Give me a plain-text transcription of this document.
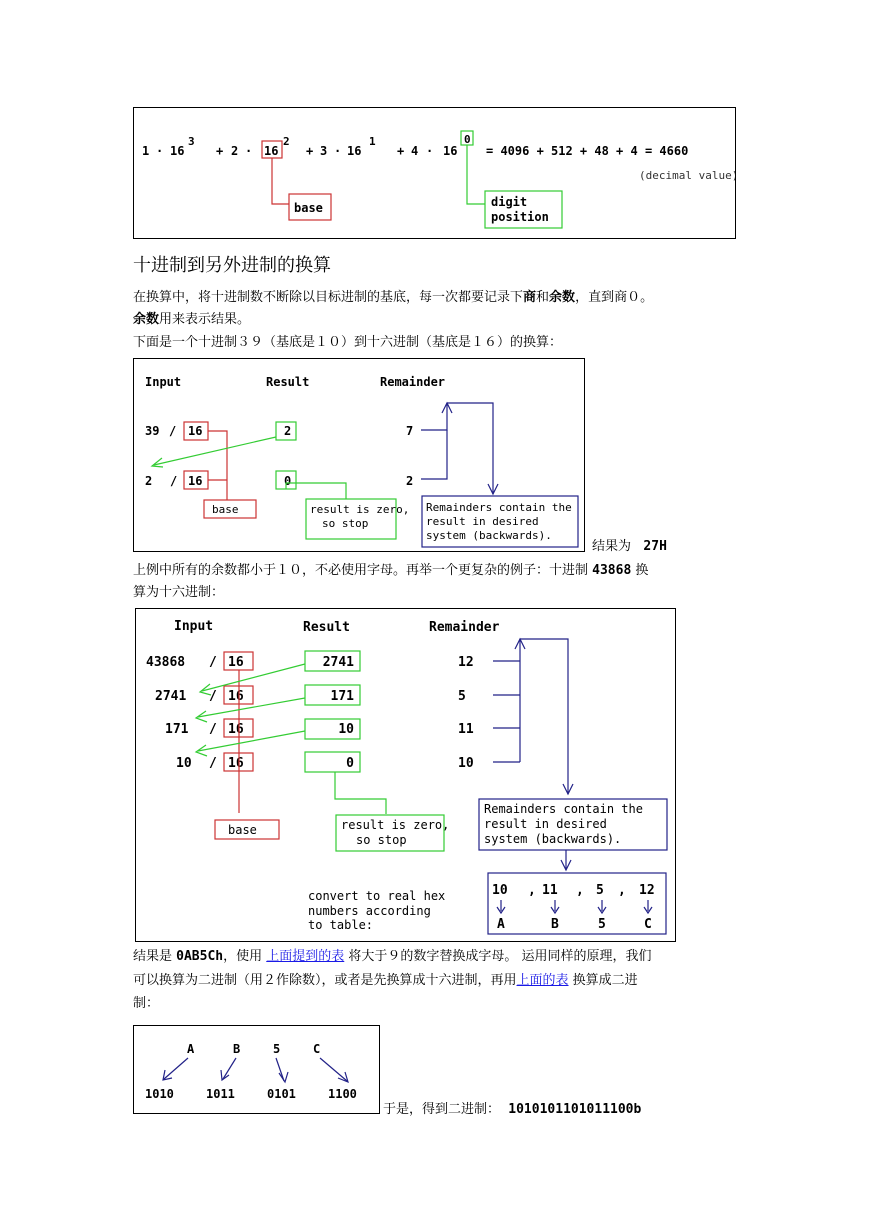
1 · 16
3
+ 2 · 16
2
+ 3 · 16
1
+ 4 · 16
0
= 4096 + 512 + 48 + 4 = 4660
(decimal value)
base	digit
position
十进制到另外进制的换算
在换算中，将十进制数不断除以目标进制的基底，每一次都要记录下商和余数，直到商０。
余数用来表示结果。
下面是一个十进制３９（基底是１０）到十六进制（基底是１６）的换算：
Input	Result	Remainder
39 / 16	2	7
2 / 16	0	2
base	result is zero,
so stop
Remainders contain the
result in desired
system (backwards).
结果为 27H
上例中所有的余数都小于１０，不必使用字母。再举一个更复杂的例子：十进制 43868 换
算为十六进制：
Input	Result	Remainder
43868 / 16	2741	12
2741 / 16	171	5
171 / 16	10	11
10 / 16	0	10
base	result is zero,
so stop
Remainders contain the
result in desired
system (backwards).
convert to real hex
numbers according
to table:
10 , 11 , 5 , 12
A	B	5	C
结果是 0AB5Ch，使用 上面提到的表 将大于９的数字替换成字母。 运用同样的原理，我们
可以换算为二进制（用２作除数），或者是先换算成十六进制，再用上面的表 换算成二进
制：
A	B	5	C
1010	1011	0101	1100
于是，得到二进制： 1010101101011100b
